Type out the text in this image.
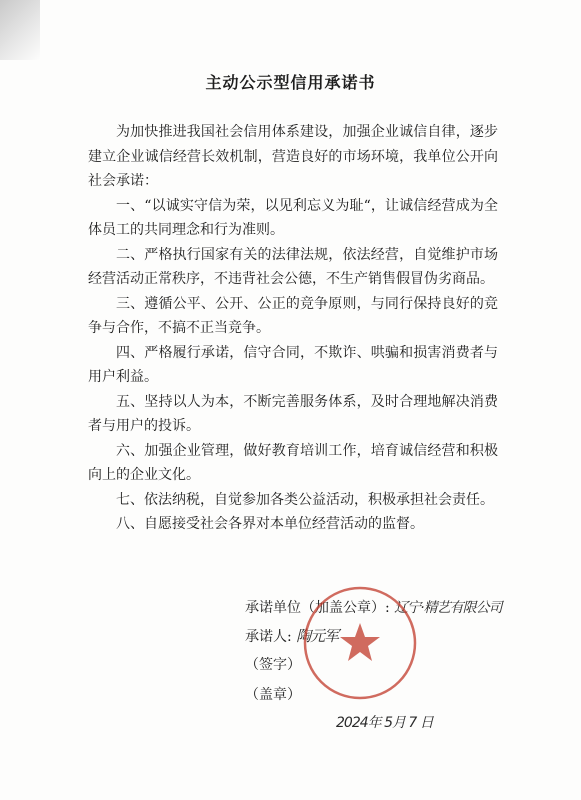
主动公示型信用承诺书

为加快推进我国社会信用体系建设，加强企业诚信自律，逐步建立企业诚信经营长效机制，营造良好的市场环境，我单位公开向社会承诺：

一、“以诚实守信为荣，以见利忘义为耻“，让诚信经营成为全体员工的共同理念和行为准则。

二、严格执行国家有关的法律法规，依法经营，自觉维护市场经营活动正常秩序，不违背社会公德，不生产销售假冒伪劣商品。

三、遵循公平、公开、公正的竞争原则，与同行保持良好的竞争与合作，不搞不正当竞争。

四、严格履行承诺，信守合同，不欺诈、哄骗和损害消费者与用户利益。

五、坚持以人为本，不断完善服务体系，及时合理地解决消费者与用户的投诉。

六、加强企业管理，做好教育培训工作，培育诚信经营和积极向上的企业文化。

七、依法纳税，自觉参加各类公益活动，积极承担社会责任。

八、自愿接受社会各界对本单位经营活动的监督。

承诺单位（加盖公章）: 辽宁·精艺有限公司
承诺人: 陶元军
（签字）
（盖章）
2024年 5月 7 日
